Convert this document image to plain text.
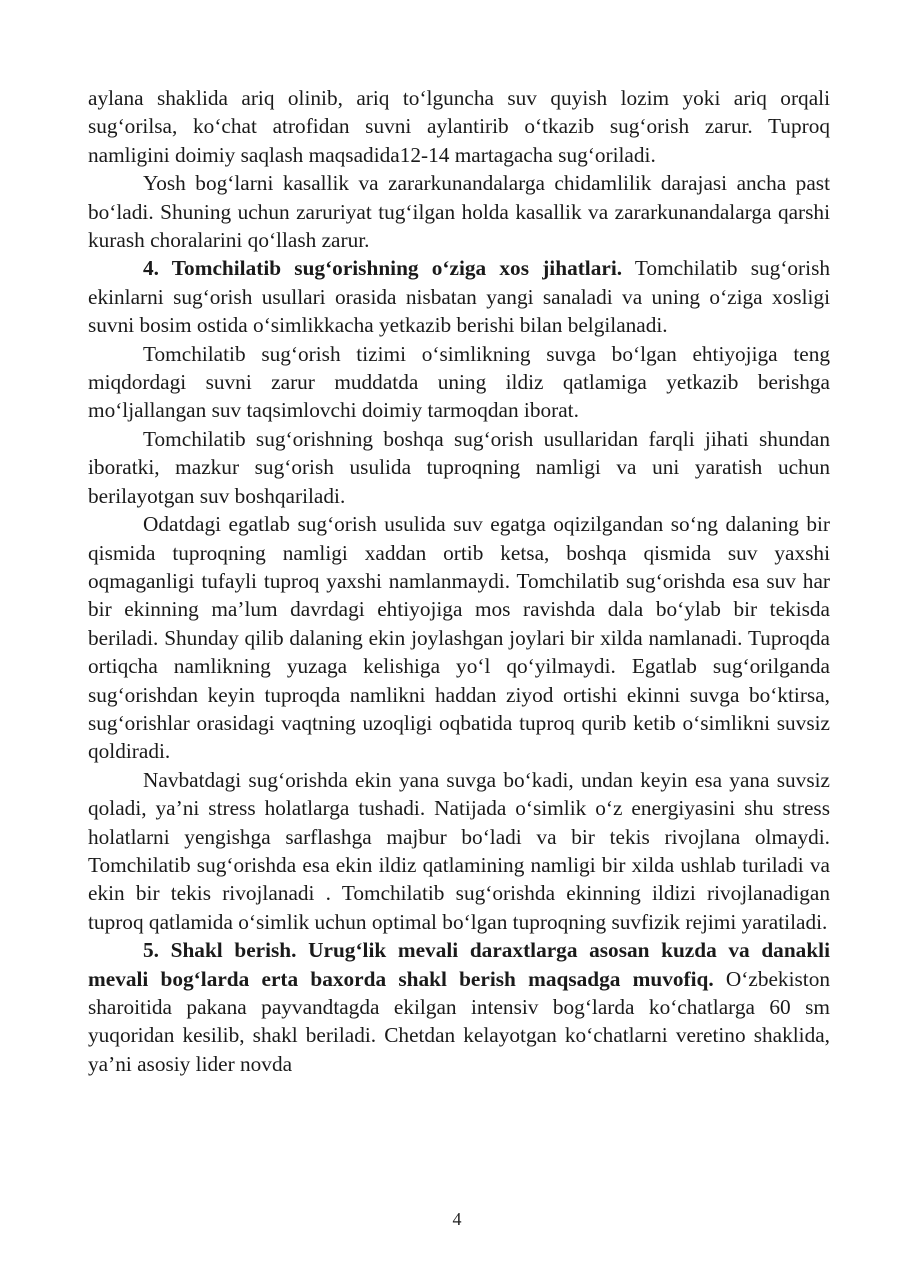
aylana shaklida ariq olinib, ariq to‘lguncha suv quyish lozim yoki ariq orqali sug‘orilsa, ko‘chat atrofidan suvni aylantirib o‘tkazib sug‘orish zarur. Tuproq namligini doimiy saqlash maqsadida12-14 martagacha sug‘oriladi.

Yosh bog‘larni kasallik va zararkunandalarga chidamlilik darajasi ancha past bo‘ladi. Shuning uchun zaruriyat tug‘ilgan holda kasallik va zararkunandalarga qarshi kurash choralarini qo‘llash zarur.

4. Tomchilatib sug‘orishning o‘ziga xos jihatlari. Tomchilatib sug‘orish ekinlarni sug‘orish usullari orasida nisbatan yangi sanaladi va uning o‘ziga xosligi suvni bosim ostida o‘simlikkacha yetkazib berishi bilan belgilanadi.

Tomchilatib sug‘orish tizimi o‘simlikning suvga bo‘lgan ehtiyojiga teng miqdordagi suvni zarur muddatda uning ildiz qatlamiga yetkazib berishga mo‘ljallangan suv taqsimlovchi doimiy tarmoqdan iborat.

Tomchilatib sug‘orishning boshqa sug‘orish usullaridan farqli jihati shundan iboratki, mazkur sug‘orish usulida tuproqning namligi va uni yaratish uchun berilayotgan suv boshqariladi.

Odatdagi egatlab sug‘orish usulida suv egatga oqizilgandan so‘ng dalaning bir qismida tuproqning namligi xaddan ortib ketsa, boshqa qismida suv yaxshi oqmaganligi tufayli tuproq yaxshi namlanmaydi. Tomchilatib sug‘orishda esa suv har bir ekinning ma’lum davrdagi ehtiyojiga mos ravishda dala bo‘ylab bir tekisda beriladi. Shunday qilib dalaning ekin joylashgan joylari bir xilda namlanadi. Tuproqda ortiqcha namlikning yuzaga kelishiga yo‘l qo‘yilmaydi. Egatlab sug‘orilganda sug‘orishdan keyin tuproqda namlikni haddan ziyod ortishi ekinni suvga bo‘ktirsa, sug‘orishlar orasidagi vaqtning uzoqligi oqbatida tuproq qurib ketib o‘simlikni suvsiz qoldiradi.

Navbatdagi sug‘orishda ekin yana suvga bo‘kadi, undan keyin esa yana suvsiz qoladi, ya’ni stress holatlarga tushadi. Natijada o‘simlik o‘z energiyasini shu stress holatlarni yengishga sarflashga majbur bo‘ladi va bir tekis rivojlana olmaydi. Tomchilatib sug‘orishda esa ekin ildiz qatlamining namligi bir xilda ushlab turiladi va ekin bir tekis rivojlanadi . Tomchilatib sug‘orishda ekinning ildizi rivojlanadigan tuproq qatlamida o‘simlik uchun optimal bo‘lgan tuproqning suvfizik rejimi yaratiladi.

5. Shakl berish. Urug‘lik mevali daraxtlarga asosan kuzda va danakli mevali bog‘larda erta baxorda shakl berish maqsadga muvofiq. O‘zbekiston sharoitida pakana payvandtagda ekilgan intensiv bog‘larda ko‘chatlarga 60 sm yuqoridan kesilib, shakl beriladi. Chetdan kelayotgan ko‘chatlarni veretino shaklida, ya’ni asosiy lider novda

4
